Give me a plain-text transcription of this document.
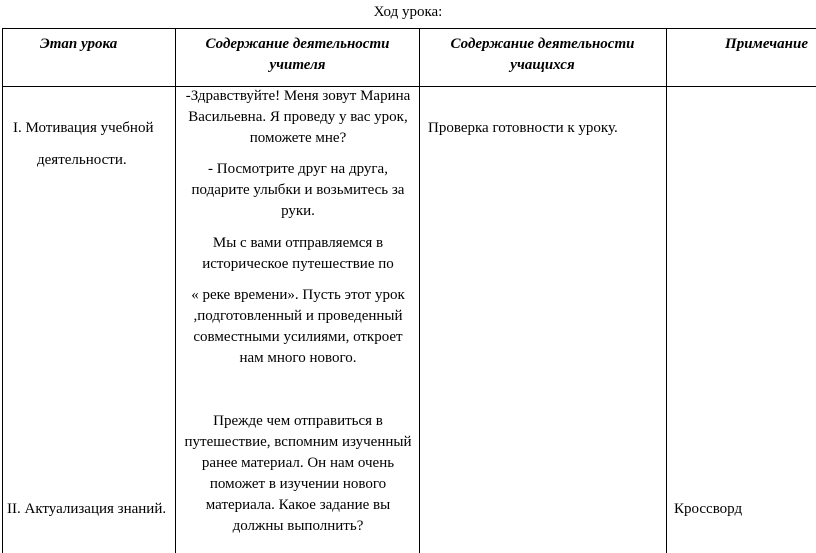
Ход урока:
Этап урока	Содержание деятельности учителя
Содержание деятельности учащихся
Примечание
I. Мотивация учебной
деятельности.
-Здравствуйте! Меня зовут Марина Васильевна. Я проведу у вас урок, поможете мне?
- Посмотрите друг на друга, подарите улыбки и возьмитесь за руки.
Мы с вами отправляемся в историческое путешествие по
« реке времени». Пусть этот урок ,подготовленный и проведенный совместными усилиями, откроет нам много нового.
Проверка готовности к уроку.
Прежде чем отправиться в путешествие, вспомним изученный ранее материал. Он нам очень поможет в изучении нового материала. Какое задание вы должны выполнить?
II. Актуализация знаний.	Кроссворд
